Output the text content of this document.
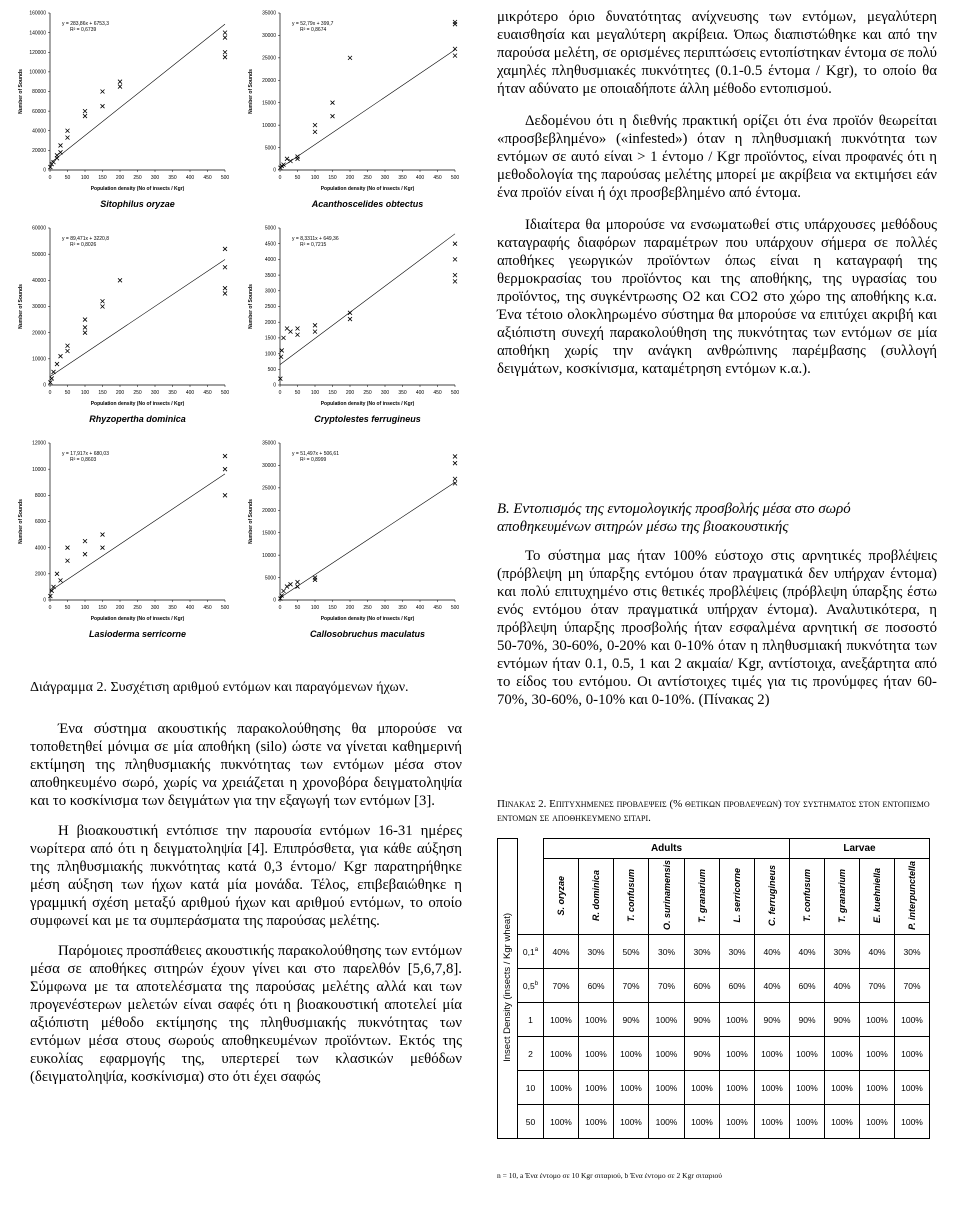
0
20000
40000
60000
80000
100000
120000
140000
160000
0	50 100 150 200 250 300 350 400 450 500
Population density (No of insects / Kgr)
Number of Sounds
Sitophilus oryzae
y = 283,86x + 6753,3
R² = 0,6739
0
5000
10000
15000
20000
25000
30000
35000
0	50 100 150 200 250 300 350 400 450 500
Population density (No of insects / Kgr)
Number of Sounds
Acanthoscelides obtectus
y = 52,79x + 399,7
R² = 0,8674
0
10000
20000
30000
40000
50000
60000
0	50 100 150 200 250 300 350 400 450 500
Population density (No of insects / Kgr)
Number of Sounds
Rhyzopertha dominica
y = 89,471x + 3220,8
R² = 0,8026
0
500
1000
1500
2000
2500
3000
3500
4000
4500
5000
0	50 100 150 200 250 300 350 400 450 500
Population density (No of insects / Kgr)
Number of Sounds
Cryptolestes ferrugineus
y = 8,3311x + 649,36
R² = 0,7215
0
2000
4000
6000
8000
10000
12000
0	50 100 150 200 250 300 350 400 450 500
Population density (No of insects / Kgr)
Number of Sounds
Lasioderma serricorne
y = 17,917x + 680,03
R² = 0,8603
0
5000
10000
15000
20000
25000
30000
35000
0	50 100 150 200 250 300 350 400 450 500
Population density (No of insects / Kgr)
Number of Sounds
Callosobruchus maculatus
y = 51,497x + 506,61
R² = 0,8999
Διάγραμμα 2. Συσχέτιση αριθμού εντόμων και παραγόμενων ήχων.

Ένα σύστημα ακουστικής παρακολούθησης θα μπορούσε να τοποθετηθεί μόνιμα σε μία αποθήκη (silo) ώστε να γίνεται καθημερινή εκτίμηση της πληθυσμιακής πυκνότητας των εντόμων μέσα στον αποθηκευμένο σωρό, χωρίς να χρειάζεται η χρονοβόρα δειγματοληψία και το κοσκίνισμα των δειγμάτων για την εξαγωγή των εντόμων [3].

Η βιοακουστική εντόπισε την παρουσία εντόμων 16-31 ημέρες νωρίτερα από ότι η δειγματοληψία [4]. Επιπρόσθετα, για κάθε αύξηση της πληθυσμιακής πυκνότητας κατά 0,3 έντομο/ Kgr παρατηρήθηκε μέση αύξηση των ήχων κατά μία μονάδα. Τέλος, επιβεβαιώθηκε η γραμμική σχέση μεταξύ αριθμού ήχων και αριθμού εντόμων, το οποίο συμφωνεί και με τα συμπεράσματα της παρούσας μελέτης.

Παρόμοιες προσπάθειες ακουστικής παρακολούθησης των εντόμων μέσα σε αποθήκες σιτηρών έχουν γίνει και στο παρελθόν [5,6,7,8]. Σύμφωνα με τα αποτελέσματα της παρούσας μελέτης αλλά και των προγενέστερων μελετών είναι σαφές ότι η βιοακουστική αποτελεί μία αξιόπιστη μέθοδο εκτίμησης της πληθυσμιακής πυκνότητας των εντόμων μέσα στους σωρούς αποθηκευμένων προϊόντων. Εκτός της ευκολίας εφαρμογής της, υπερτερεί των κλασικών μεθόδων (δειγματοληψία, κοσκίνισμα) στο ότι έχει σαφώς

μικρότερο όριο δυνατότητας ανίχνευσης των εντόμων, μεγαλύτερη ευαισθησία και μεγαλύτερη ακρίβεια. Όπως διαπιστώθηκε και από την παρούσα μελέτη, σε ορισμένες περιπτώσεις εντοπίστηκαν έντομα σε πολύ χαμηλές πληθυσμιακές πυκνότητες (0.1-0.5 έντομα / Kgr), το οποίο θα ήταν αδύνατο με οποιαδήποτε άλλη μέθοδο εντοπισμού.

Δεδομένου ότι η διεθνής πρακτική ορίζει ότι ένα προϊόν θεωρείται «προσβεβλημένο» («infested») όταν η πληθυσμιακή πυκνότητα των εντόμων σε αυτό είναι > 1 έντομο / Kgr προϊόντος, είναι προφανές ότι η μεθοδολογία της παρούσας μελέτης μπορεί με ακρίβεια να εκτιμήσει εάν ένα προϊόν είναι ή όχι προσβεβλημένο από έντομα.

Ιδιαίτερα θα μπορούσε να ενσωματωθεί στις υπάρχουσες μεθόδους καταγραφής διαφόρων παραμέτρων που υπάρχουν σήμερα σε πολλές αποθήκες γεωργικών προϊόντων όπως είναι η καταγραφή της θερμοκρασίας του προϊόντος και της αποθήκης, της υγρασίας του προϊόντος, της συγκέντρωσης O2 και CO2 στο χώρο της αποθήκης κ.α. Ένα τέτοιο ολοκληρωμένο σύστημα θα μπορούσε να επιτύχει ακριβή και αξιόπιστη συνεχή παρακολούθηση της πυκνότητας των εντόμων σε μία αποθήκη χωρίς την ανάγκη ανθρώπινης παρέμβασης (συλλογή δειγμάτων, κοσκίνισμα, καταμέτρηση εντόμων κ.α.).

Β. Εντοπισμός της εντομολογικής προσβολής μέσα στο σωρό αποθηκευμένων σιτηρών μέσω της βιοακουστικής

Το σύστημα μας ήταν 100% εύστοχο στις αρνητικές προβλέψεις (πρόβλεψη μη ύπαρξης εντόμου όταν πραγματικά δεν υπήρχαν έντομα) και πολύ επιτυχημένο στις θετικές προβλέψεις (πρόβλεψη ύπαρξης έστω ενός εντόμου όταν πραγματικά υπήρχαν έντομα). Αναλυτικότερα, η πρόβλεψη ύπαρξης προσβολής ήταν εσφαλμένα αρνητική σε ποσοστό 50-70%, 30-60%, 0-20% και 0-10% όταν η πληθυσμιακή πυκνότητα των εντόμων ήταν 0.1, 0.5, 1 και 2 ακμαία/ Kgr, αντίστοιχα, ανεξάρτητα από το είδος του εντόμου. Οι αντίστοιχες τιμές για τις προνύμφες ήταν 60-70%, 30-60%, 0-10% και 0-10%. (Πίνακας 2)

Πινακας 2. Επιτυχημενες προβλεψεις (% θετικων προβλεψεων) του συστηματος στον εντοπισμο εντομων σε αποθηκευμενο σιταρι.
Insect Density (insects / Kgr wheat)		Adults							Larvae			
		S. oryzae	R. dominica	T. confusum	O. surinamensis	T. granarium	L. serricorne	C. ferrugineus	T. confusum	T. granarium	E. kuehniella	P. interpunctella
	0,1$^a$	40%	30%	50%	30%	30%	30%	40%	40%	30%	40%	30%
	0,5$^b$	70%	60%	70%	70%	60%	60%	40%	60%	40%	70%	70%
	1	100%	100%	90%	100%	90%	100%	90%	90%	90%	100%	100%
	2	100%	100%	100%	100%	90%	100%	100%	100%	100%	100%	100%
	10	100%	100%	100%	100%	100%	100%	100%	100%	100%	100%	100%
	50	100%	100%	100%	100%	100%	100%	100%	100%	100%	100%	100%
n = 10, a Ένα έντομο σε 10 Kgr σιταριού, b Ένα έντομο σε 2 Kgr σιταριού
